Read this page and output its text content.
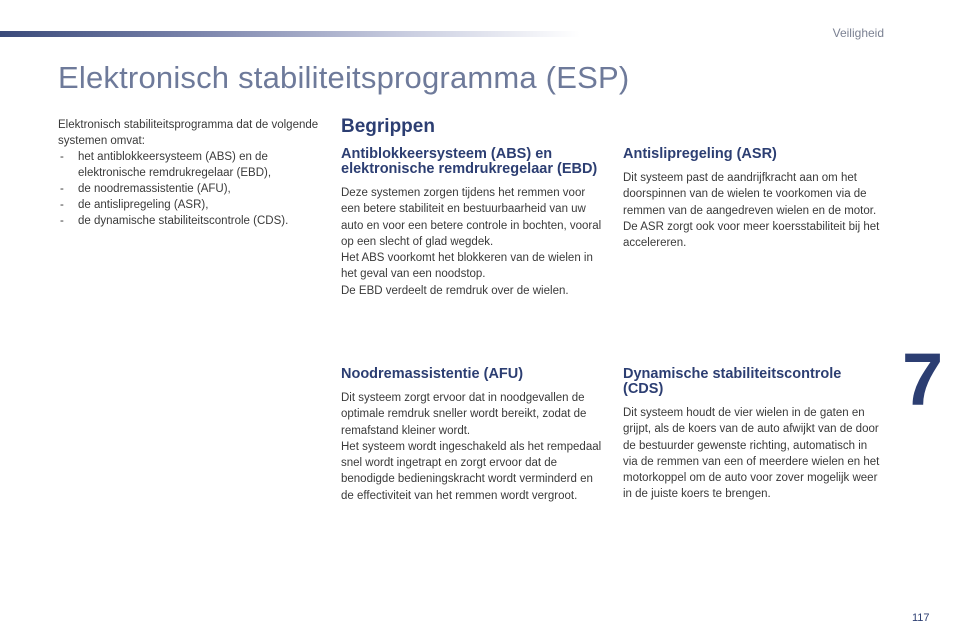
Veiligheid
Elektronisch stabiliteitsprogramma (ESP)
Elektronisch stabiliteitsprogramma dat de volgende systemen omvat:
- het antiblokkeersysteem (ABS) en de elektronische remdrukregelaar (EBD),
- de noodremassistentie (AFU),
- de antislipregeling (ASR),
- de dynamische stabiliteitscontrole (CDS).
Begrippen
Antiblokkeersysteem (ABS) en elektronische remdrukregelaar (EBD)

Deze systemen zorgen tijdens het remmen voor een betere stabiliteit en bestuurbaarheid van uw auto en voor een betere controle in bochten, vooral op een slecht of glad wegdek.
Het ABS voorkomt het blokkeren van de wielen in het geval van een noodstop.
De EBD verdeelt de remdruk over de wielen.

Antislipregeling (ASR)

Dit systeem past de aandrijfkracht aan om het doorspinnen van de wielen te voorkomen via de remmen van de aangedreven wielen en de motor. De ASR zorgt ook voor meer koersstabiliteit bij het accelereren.

Noodremassistentie (AFU)

Dit systeem zorgt ervoor dat in noodgevallen de optimale remdruk sneller wordt bereikt, zodat de remafstand kleiner wordt.
Het systeem wordt ingeschakeld als het rempedaal snel wordt ingetrapt en zorgt ervoor dat de benodigde bedieningskracht wordt verminderd en de effectiviteit van het remmen wordt vergroot.

Dynamische stabiliteitscontrole (CDS)

Dit systeem houdt de vier wielen in de gaten en grijpt, als de koers van de auto afwijkt van de door de bestuurder gewenste richting, automatisch in via de remmen van een of meerdere wielen en het motorkoppel om de auto voor zover mogelijk weer in de juiste koers te brengen.

7
117
